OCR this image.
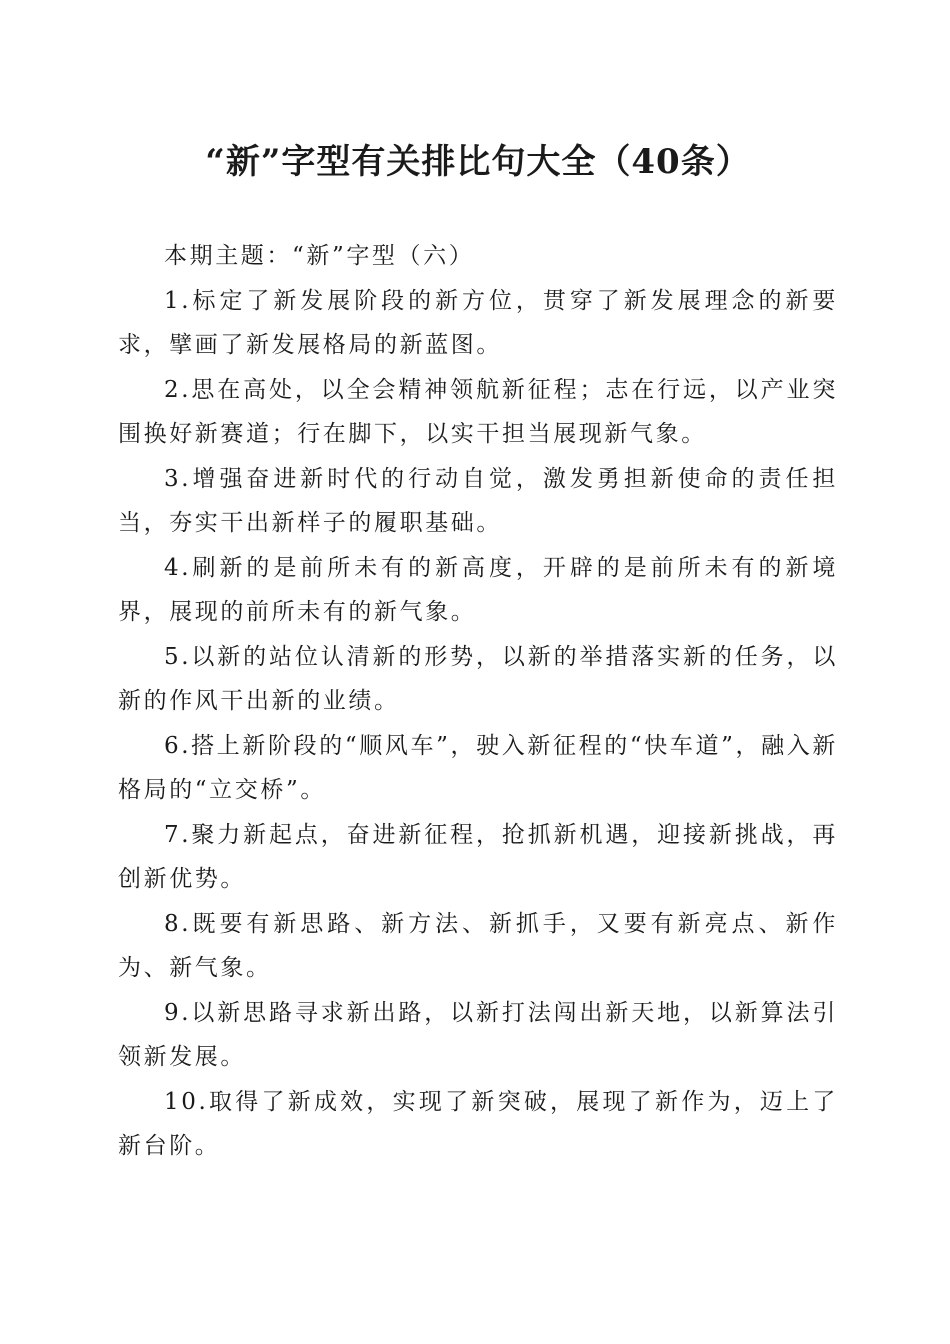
“新”字型有关排比句大全（40条）

本期主题：“新”字型（六）

1.标定了新发展阶段的新方位，贯穿了新发展理念的新要求，擘画了新发展格局的新蓝图。

2.思在高处，以全会精神领航新征程；志在行远，以产业突围换好新赛道；行在脚下，以实干担当展现新气象。

3.增强奋进新时代的行动自觉，激发勇担新使命的责任担当，夯实干出新样子的履职基础。

4.刷新的是前所未有的新高度，开辟的是前所未有的新境界，展现的前所未有的新气象。

5.以新的站位认清新的形势，以新的举措落实新的任务，以新的作风干出新的业绩。

6.搭上新阶段的“顺风车”，驶入新征程的“快车道”，融入新格局的“立交桥”。

7.聚力新起点，奋进新征程，抢抓新机遇，迎接新挑战，再创新优势。

8.既要有新思路、新方法、新抓手，又要有新亮点、新作为、新气象。

9.以新思路寻求新出路，以新打法闯出新天地，以新算法引领新发展。

10.取得了新成效，实现了新突破，展现了新作为，迈上了新台阶。
